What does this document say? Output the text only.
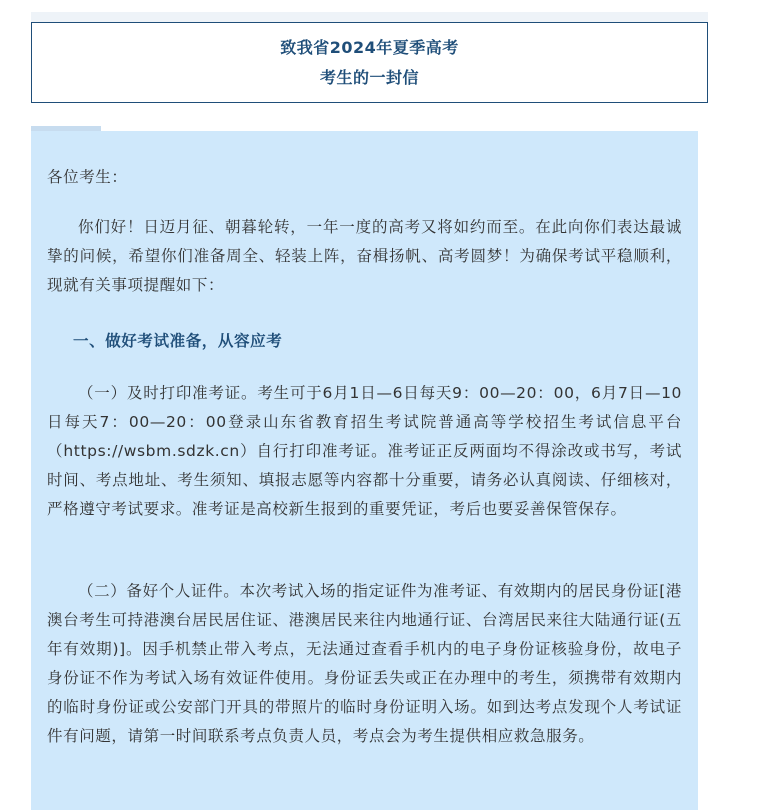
致我省2024年夏季高考
考生的一封信

各位考生：

你们好！日迈月征、朝暮轮转，一年一度的高考又将如约而至。在此向你们表达最诚挚的问候，希望你们准备周全、轻装上阵，奋楫扬帆、高考圆梦！为确保考试平稳顺利，现就有关事项提醒如下：

一、做好考试准备，从容应考

（一）及时打印准考证。考生可于6月1日—6日每天9：00—20：00，6月7日—10日每天7：00—20：00登录山东省教育招生考试院普通高等学校招生考试信息平台（https://wsbm.sdzk.cn）自行打印准考证。准考证正反两面均不得涂改或书写，考试时间、考点地址、考生须知、填报志愿等内容都十分重要，请务必认真阅读、仔细核对，严格遵守考试要求。准考证是高校新生报到的重要凭证，考后也要妥善保管保存。

（二）备好个人证件。本次考试入场的指定证件为准考证、有效期内的居民身份证[港澳台考生可持港澳台居民居住证、港澳居民来往内地通行证、台湾居民来往大陆通行证(五年有效期)]。因手机禁止带入考点，无法通过查看手机内的电子身份证核验身份，故电子身份证不作为考试入场有效证件使用。身份证丢失或正在办理中的考生，须携带有效期内的临时身份证或公安部门开具的带照片的临时身份证明入场。如到达考点发现个人考试证件有问题，请第一时间联系考点负责人员，考点会为考生提供相应救急服务。
